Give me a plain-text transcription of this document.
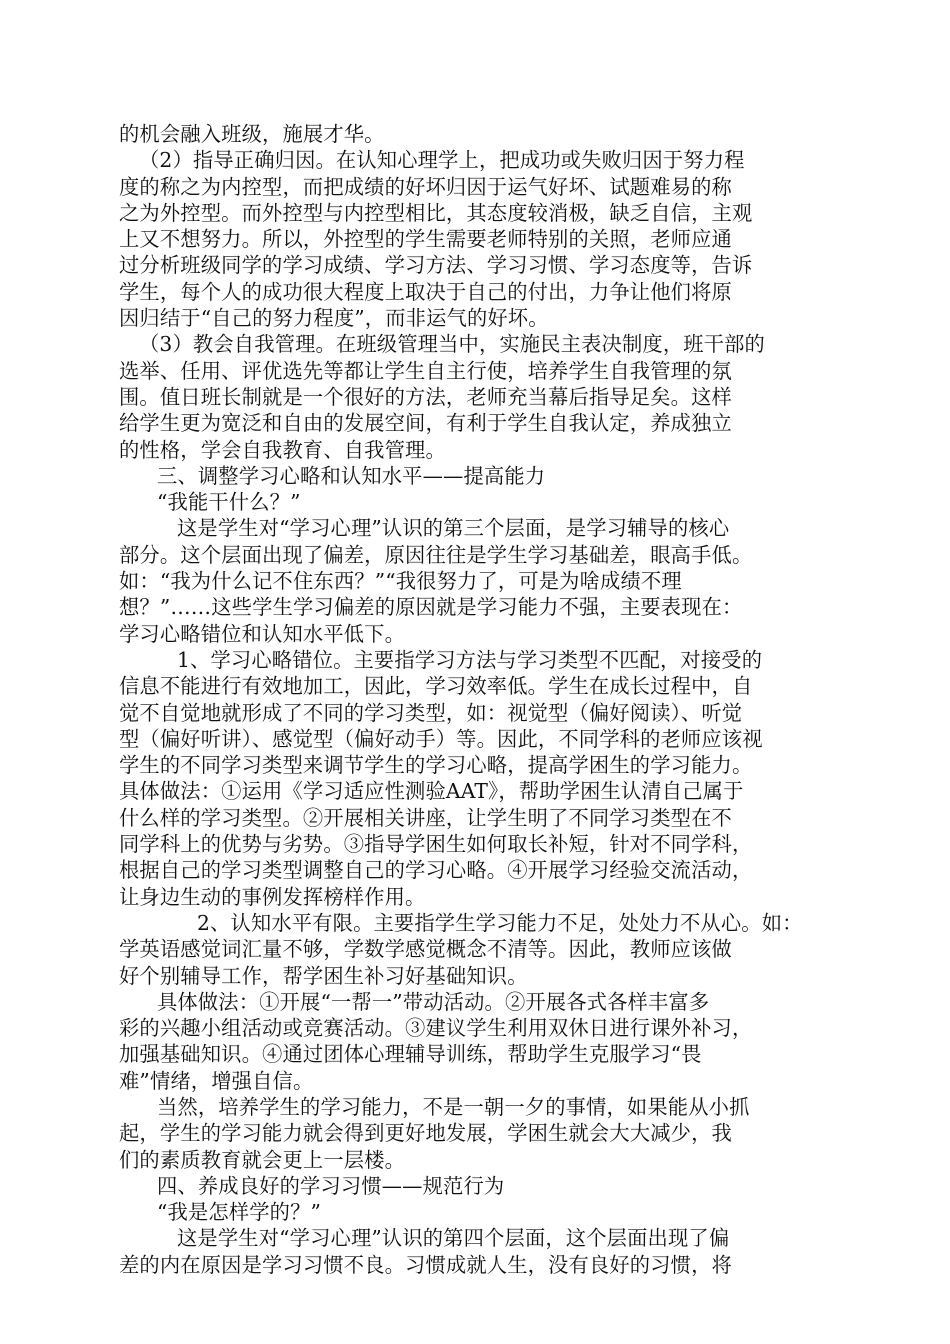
的机会融入班级，施展才华。
（2）指导正确归因。在认知心理学上，把成功或失败归因于努力程
度的称之为内控型，而把成绩的好坏归因于运气好坏、试题难易的称
之为外控型。而外控型与内控型相比，其态度较消极，缺乏自信，主观
上又不想努力。所以，外控型的学生需要老师特别的关照，老师应通
过分析班级同学的学习成绩、学习方法、学习习惯、学习态度等，告诉
学生，每个人的成功很大程度上取决于自己的付出，力争让他们将原
因归结于“自己的努力程度”，而非运气的好坏。
（3）教会自我管理。在班级管理当中，实施民主表决制度，班干部的
选举、任用、评优选先等都让学生自主行使，培养学生自我管理的氛
围。值日班长制就是一个很好的方法，老师充当幕后指导足矣。这样
给学生更为宽泛和自由的发展空间，有利于学生自我认定，养成独立
的性格，学会自我教育、自我管理。
三、调整学习心略和认知水平——提高能力
“我能干什么？”
这是学生对“学习心理”认识的第三个层面，是学习辅导的核心
部分。这个层面出现了偏差，原因往往是学生学习基础差，眼高手低。
如：“我为什么记不住东西？”“我很努力了，可是为啥成绩不理
想？”……这些学生学习偏差的原因就是学习能力不强，主要表现在：
学习心略错位和认知水平低下。
1、学习心略错位。主要指学习方法与学习类型不匹配，对接受的
信息不能进行有效地加工，因此，学习效率低。学生在成长过程中，自
觉不自觉地就形成了不同的学习类型，如：视觉型（偏好阅读）、听觉
型（偏好听讲）、感觉型（偏好动手）等。因此，不同学科的老师应该视
学生的不同学习类型来调节学生的学习心略，提高学困生的学习能力。
具体做法：①运用《学习适应性测验AAT》，帮助学困生认清自己属于
什么样的学习类型。②开展相关讲座，让学生明了不同学习类型在不
同学科上的优势与劣势。③指导学困生如何取长补短，针对不同学科，
根据自己的学习类型调整自己的学习心略。④开展学习经验交流活动，
让身边生动的事例发挥榜样作用。
2、认知水平有限。主要指学生学习能力不足，处处力不从心。如：
学英语感觉词汇量不够，学数学感觉概念不清等。因此，教师应该做
好个别辅导工作，帮学困生补习好基础知识。
具体做法：①开展“一帮一”带动活动。②开展各式各样丰富多
彩的兴趣小组活动或竞赛活动。③建议学生利用双休日进行课外补习，
加强基础知识。④通过团体心理辅导训练，帮助学生克服学习“畏
难”情绪，增强自信。
当然，培养学生的学习能力，不是一朝一夕的事情，如果能从小抓
起，学生的学习能力就会得到更好地发展，学困生就会大大减少，我
们的素质教育就会更上一层楼。
四、养成良好的学习习惯——规范行为
“我是怎样学的？”
这是学生对“学习心理”认识的第四个层面，这个层面出现了偏
差的内在原因是学习习惯不良。习惯成就人生，没有良好的习惯，将
